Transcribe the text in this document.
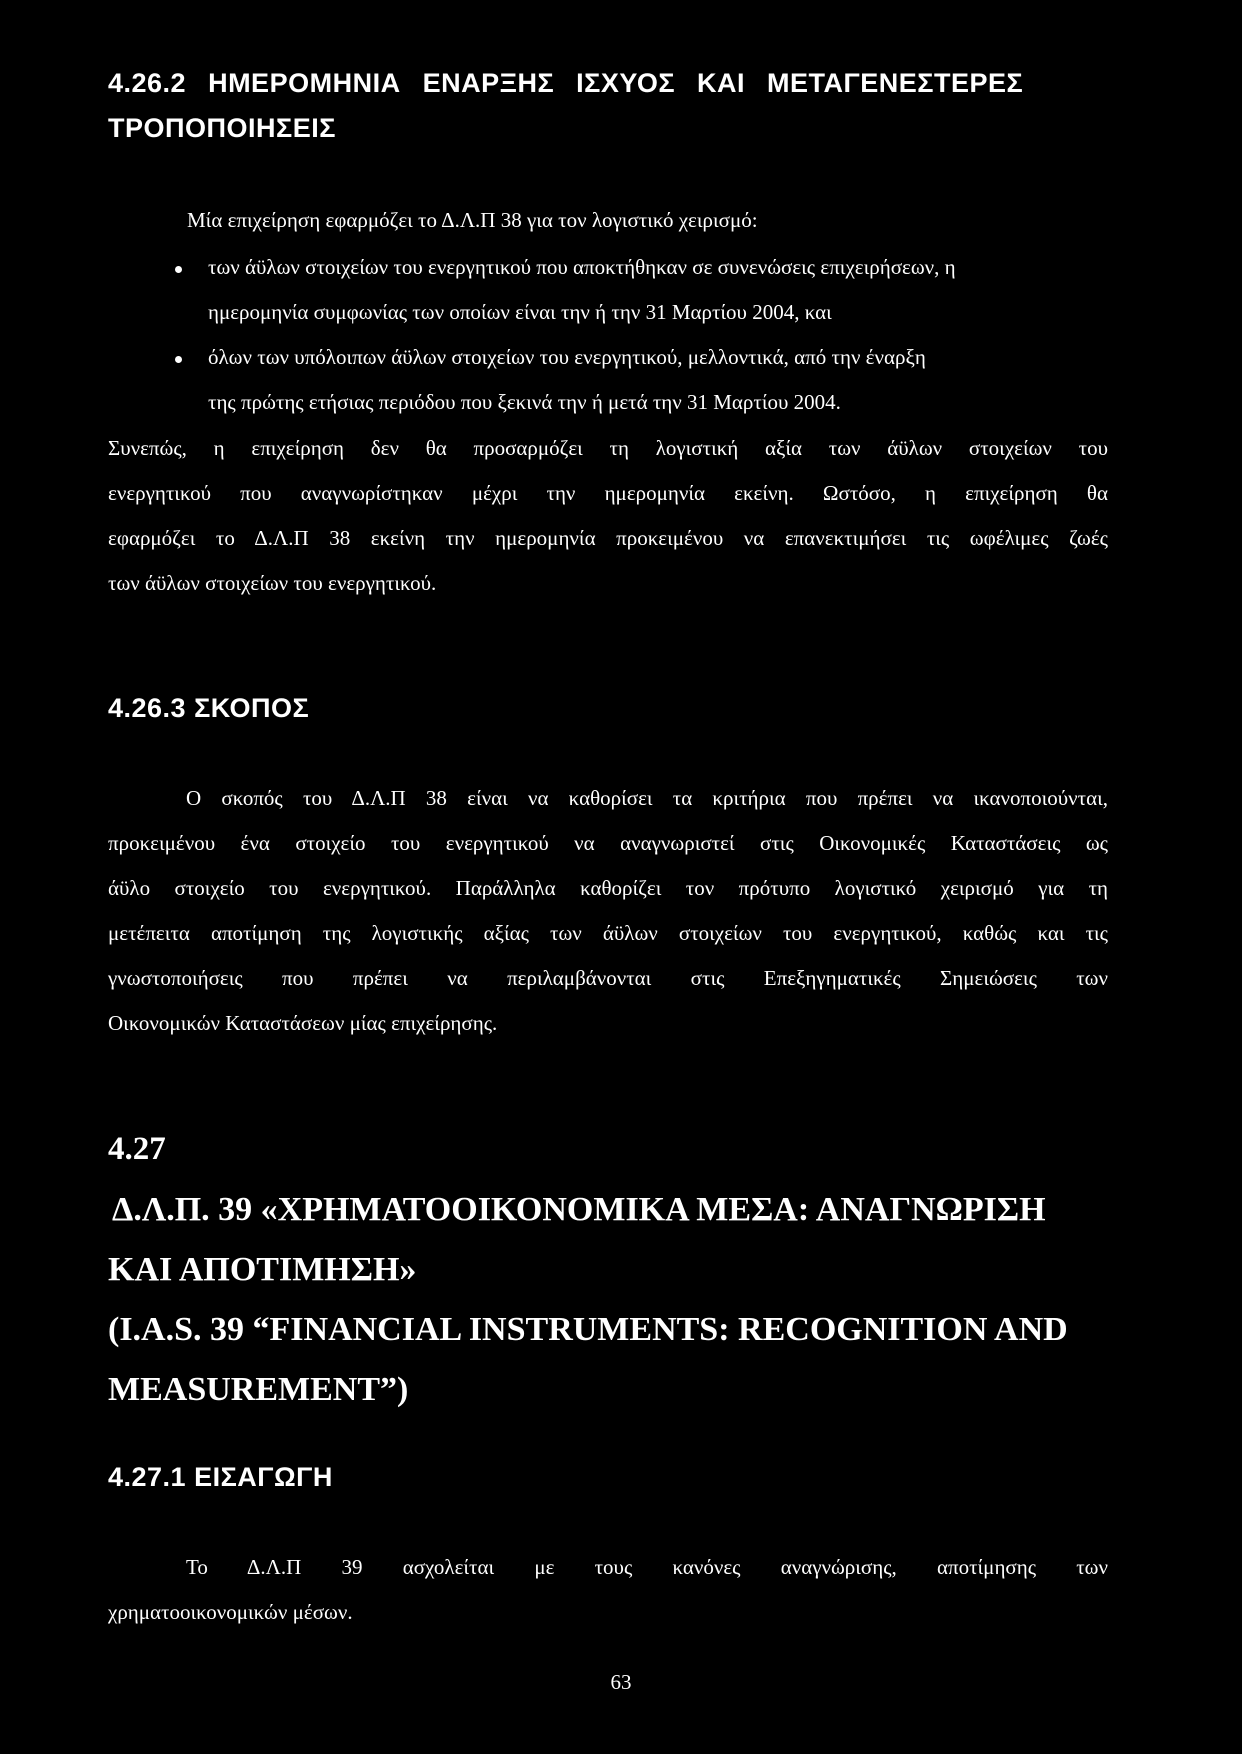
4.26.2 ΗΜΕΡΟΜΗΝΙΑ ΕΝΑΡΞΗΣ ΙΣΧΥΟΣ ΚΑΙ ΜΕΤΑΓΕΝΕΣΤΕΡΕΣ
ΤΡΟΠΟΠΟΙΗΣΕΙΣ
Μία επιχείρηση εφαρμόζει το Δ.Λ.Π 38 για τον λογιστικό χειρισμό:
των άϋλων στοιχείων του ενεργητικού που αποκτήθηκαν σε συνενώσεις επιχειρήσεων, η
ημερομηνία συμφωνίας των οποίων είναι την ή την 31 Μαρτίου 2004, και
όλων των υπόλοιπων άϋλων στοιχείων του ενεργητικού, μελλοντικά, από την έναρξη
της πρώτης ετήσιας περιόδου που ξεκινά την ή μετά την 31 Μαρτίου 2004.
Συνεπώς, η επιχείρηση δεν θα προσαρμόζει τη λογιστική αξία των άϋλων στοιχείων του
ενεργητικού που αναγνωρίστηκαν μέχρι την ημερομηνία εκείνη. Ωστόσο, η επιχείρηση θα
εφαρμόζει το Δ.Λ.Π 38 εκείνη την ημερομηνία προκειμένου να επανεκτιμήσει τις ωφέλιμες ζωές
των άϋλων στοιχείων του ενεργητικού.
4.26.3 ΣΚΟΠΟΣ
Ο σκοπός του Δ.Λ.Π 38 είναι να καθορίσει τα κριτήρια που πρέπει να ικανοποιούνται,
προκειμένου ένα στοιχείο του ενεργητικού να αναγνωριστεί στις Οικονομικές Καταστάσεις ως
άϋλο στοιχείο του ενεργητικού. Παράλληλα καθορίζει τον πρότυπο λογιστικό χειρισμό για τη
μετέπειτα αποτίμηση της λογιστικής αξίας των άϋλων στοιχείων του ενεργητικού, καθώς και τις
γνωστοποιήσεις που πρέπει να περιλαμβάνονται στις Επεξηγηματικές Σημειώσεις των
Οικονομικών Καταστάσεων μίας επιχείρησης.
4.27
Δ.Λ.Π. 39 «ΧΡΗΜΑΤΟΟΙΚΟΝΟΜΙΚΑ ΜΕΣΑ: ΑΝΑΓΝΩΡΙΣΗ
ΚΑΙ ΑΠΟΤΙΜΗΣΗ»
(I.A.S. 39 “FINANCIAL INSTRUMENTS: RECOGNITION AND
MEASUREMENT”)
4.27.1 ΕΙΣΑΓΩΓΗ
Το Δ.Λ.Π 39 ασχολείται με τους κανόνες αναγνώρισης, αποτίμησης των
χρηματοοικονομικών μέσων.
63
